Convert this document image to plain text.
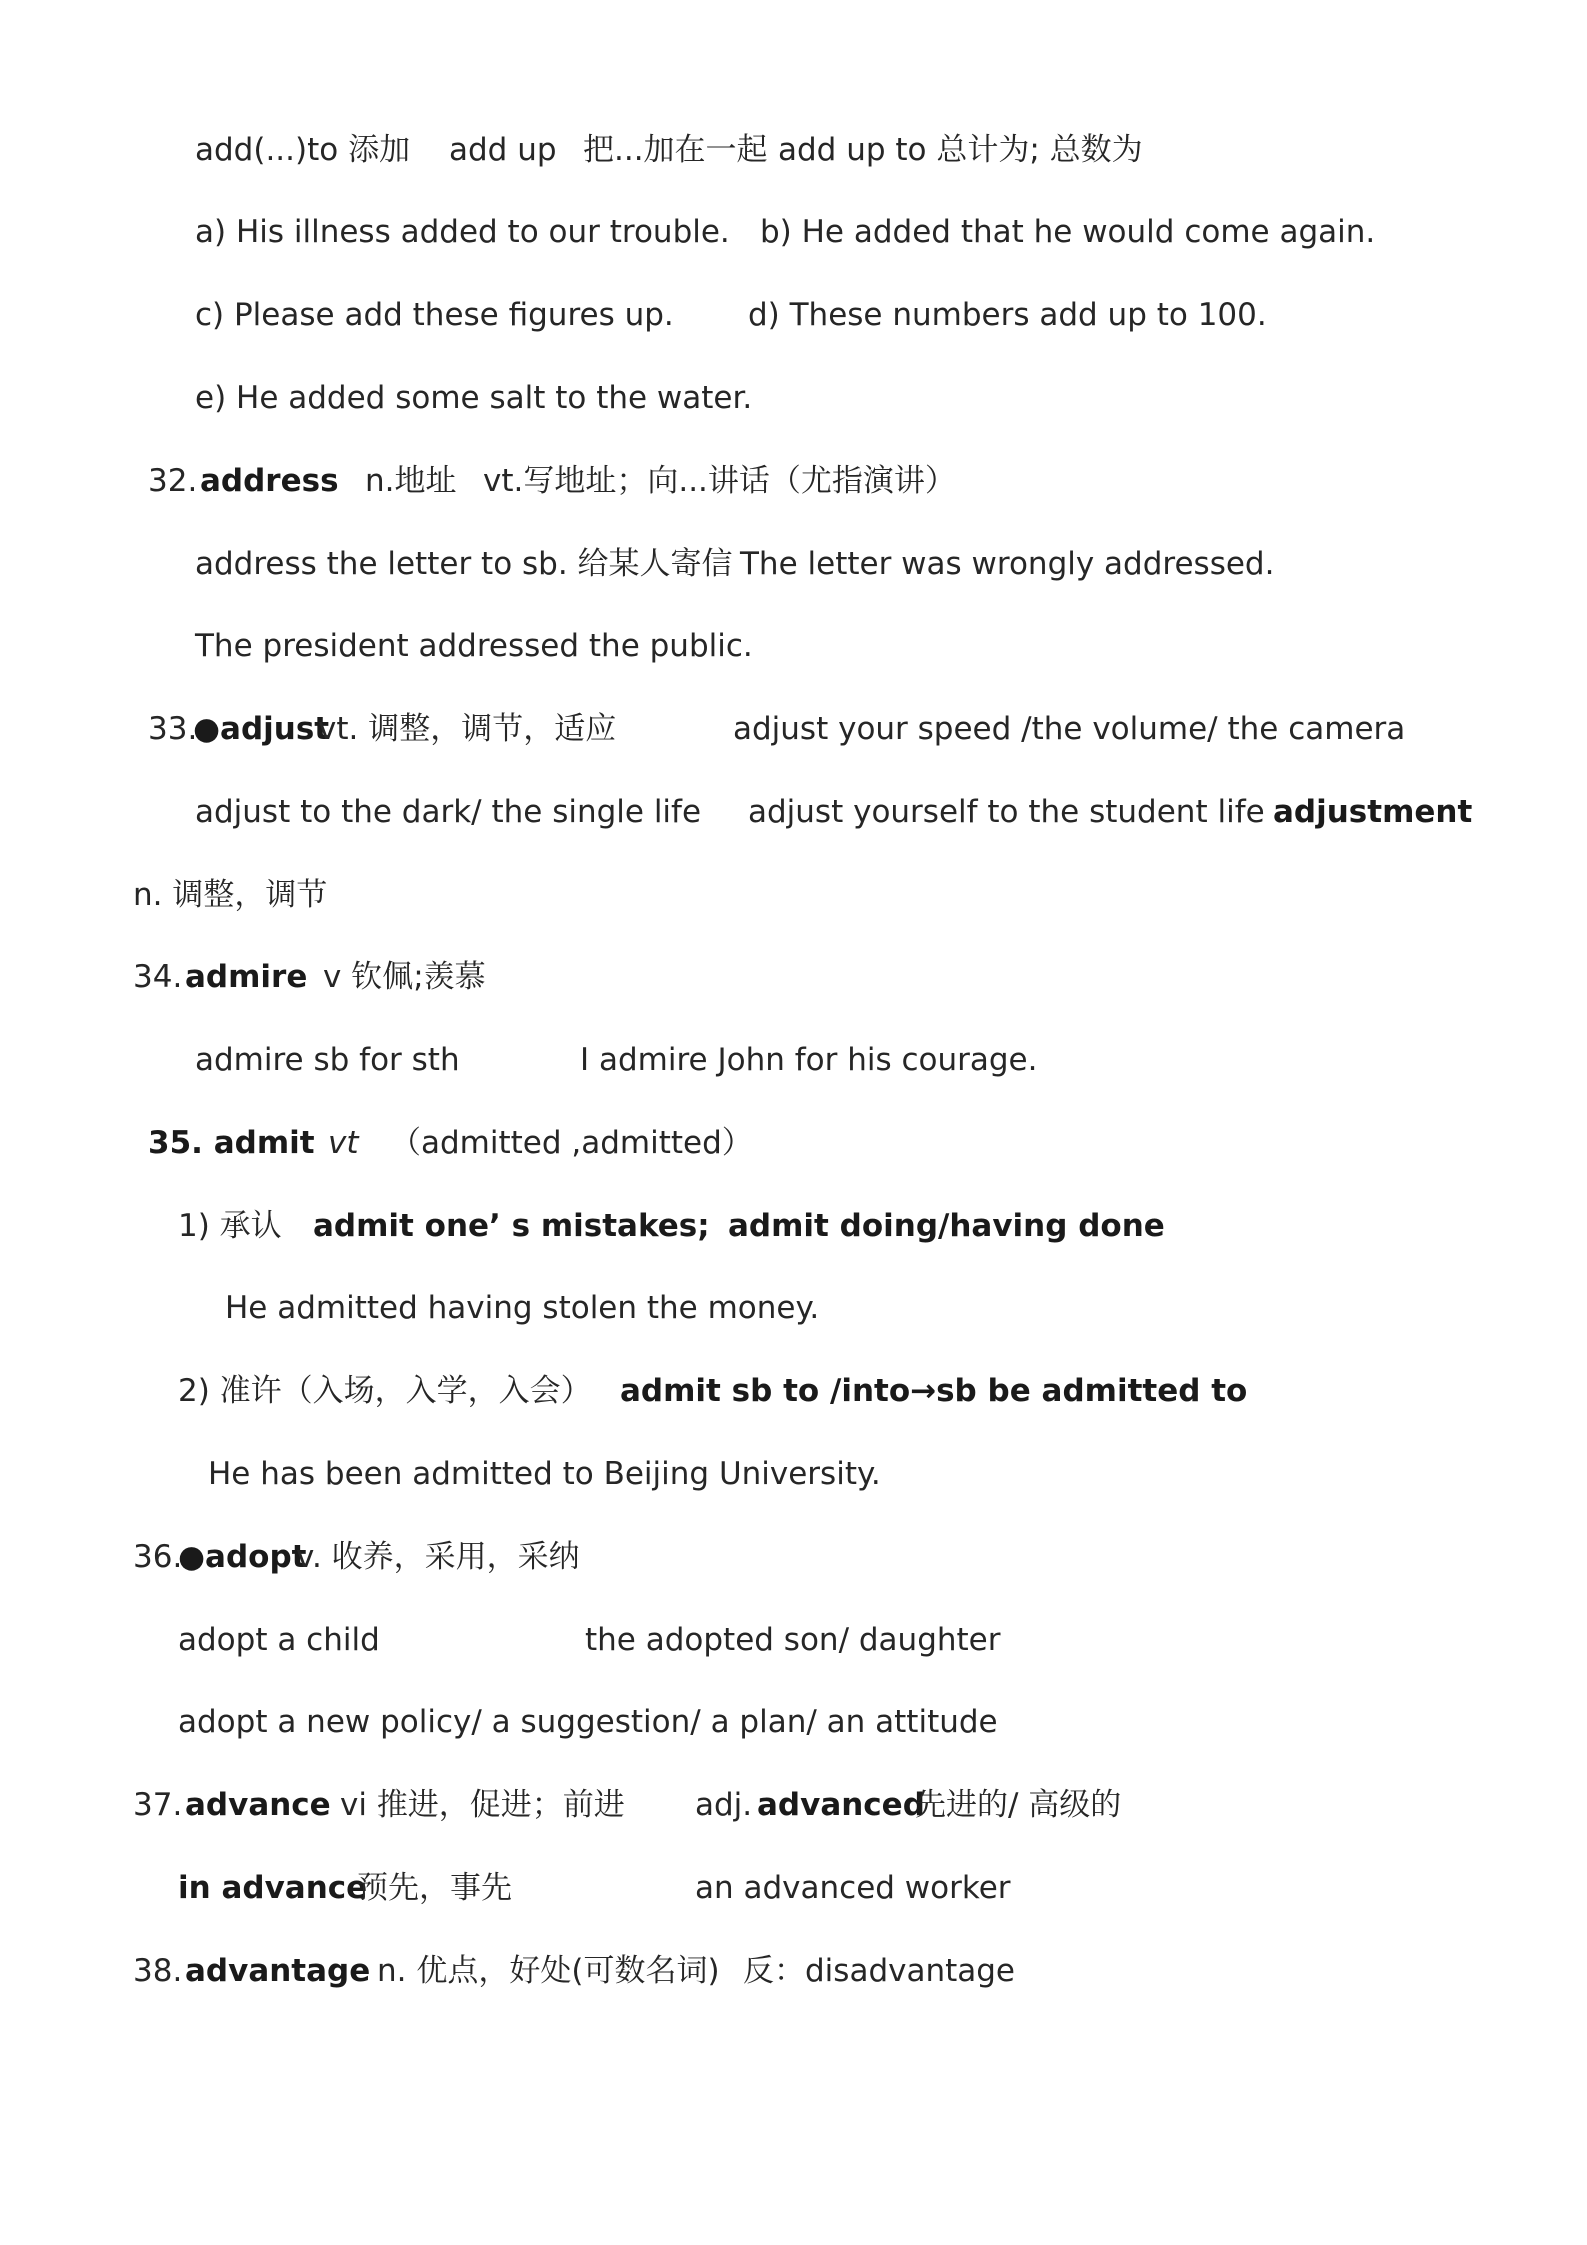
add(...)to 添加 add up 把...加在一起 add up to 总计为; 总数为
a) His illness added to our trouble. b) He added that he would come again.
c) Please add these figures up. d) These numbers add up to 100.
e) He added some salt to the water.
32. address n.地址 vt.写地址；向...讲话（尤指演讲）
address the letter to sb. 给某人寄信 The letter was wrongly addressed.
The president addressed the public.
33.
●adjust
vt. 调整，调节，适应	adjust your speed /the volume/ the camera
adjust to the dark/ the single life adjust yourself to the student life adjustment
n. 调整，调节
34. admire v 钦佩;羡慕
admire sb for sth	I admire John for his courage.
35. admit vt （admitted ,admitted）
1) 承认 admit one’ s mistakes; admit doing/having done
He admitted having stolen the money.
2) 准许（入场，入学，入会） admit sb to /into→sb be admitted to
He has been admitted to Beijing University.
36.
●adopt
v. 收养，采用，采纳
adopt a child	the adopted son/ daughter
adopt a new policy/ a suggestion/ a plan/ an attitude
37. advance vi 推进，促进；前进 adj. advanced
先进的/ 高级的
in advance
预先，事先	an advanced worker
38. advantage n. 优点，好处(可数名词) 反：disadvantage
